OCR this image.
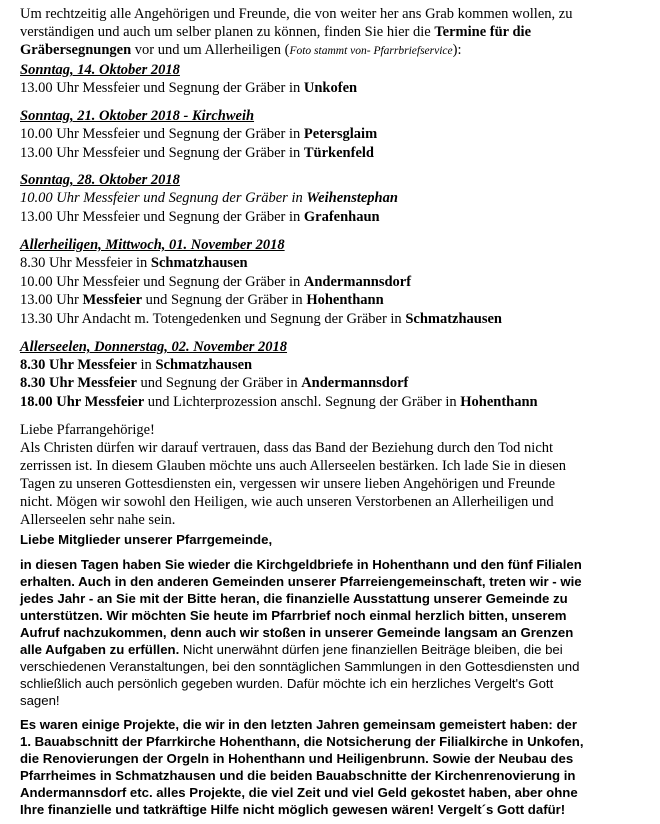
Um rechtzeitig alle Angehörigen und Freunde, die von weiter her ans Grab kommen wollen, zu
verständigen und auch um selber planen zu können, finden Sie hier die Termine für die
Gräbersegnungen vor und um Allerheiligen (Foto stammt von- Pfarrbriefservice):
Sonntag, 14. Oktober 2018
13.00 Uhr Messfeier und Segnung der Gräber in Unkofen
Sonntag, 21. Oktober 2018 - Kirchweih
10.00 Uhr Messfeier und Segnung der Gräber in Petersglaim
13.00 Uhr Messfeier und Segnung der Gräber in Türkenfeld
Sonntag, 28. Oktober 2018
10.00 Uhr Messfeier und Segnung der Gräber in Weihenstephan
13.00 Uhr Messfeier und Segnung der Gräber in Grafenhaun
Allerheiligen, Mittwoch, 01. November 2018
8.30 Uhr Messfeier in Schmatzhausen
10.00 Uhr Messfeier und Segnung der Gräber in Andermannsdorf
13.00 Uhr Messfeier und Segnung der Gräber in Hohenthann
13.30 Uhr Andacht m. Totengedenken und Segnung der Gräber in Schmatzhausen
Allerseelen, Donnerstag, 02. November 2018
8.30 Uhr Messfeier in Schmatzhausen
8.30 Uhr Messfeier und Segnung der Gräber in Andermannsdorf
18.00 Uhr Messfeier und Lichterprozession anschl. Segnung der Gräber in Hohenthann
Liebe Pfarrangehörige!
Als Christen dürfen wir darauf vertrauen, dass das Band der Beziehung durch den Tod nicht
zerrissen ist. In diesem Glauben möchte uns auch Allerseelen bestärken. Ich lade Sie in diesen
Tagen zu unseren Gottesdiensten ein, vergessen wir unsere lieben Angehörigen und Freunde
nicht. Mögen wir sowohl den Heiligen, wie auch unseren Verstorbenen an Allerheiligen und
Allerseelen sehr nahe sein.
Liebe Mitglieder unserer Pfarrgemeinde,
in diesen Tagen haben Sie wieder die Kirchgeldbriefe in Hohenthann und den fünf Filialen
erhalten. Auch in den anderen Gemeinden unserer Pfarreiengemeinschaft, treten wir - wie
jedes Jahr - an Sie mit der Bitte heran, die finanzielle Ausstattung unserer Gemeinde zu
unterstützen. Wir möchten Sie heute im Pfarrbrief noch einmal herzlich bitten, unserem
Aufruf nachzukommen, denn auch wir stoßen in unserer Gemeinde langsam an Grenzen
alle Aufgaben zu erfüllen. Nicht unerwähnt dürfen jene finanziellen Beiträge bleiben, die bei
verschiedenen Veranstaltungen, bei den sonntäglichen Sammlungen in den Gottesdiensten und
schließlich auch persönlich gegeben wurden. Dafür möchte ich ein herzliches Vergelt's Gott
sagen!
Es waren einige Projekte, die wir in den letzten Jahren gemeinsam gemeistert haben: der
1. Bauabschnitt der Pfarrkirche Hohenthann, die Notsicherung der Filialkirche in Unkofen,
die Renovierungen der Orgeln in Hohenthann und Heiligenbrunn. Sowie der Neubau des
Pfarrheimes in Schmatzhausen und die beiden Bauabschnitte der Kirchenrenovierung in
Andermannsdorf etc. alles Projekte, die viel Zeit und viel Geld gekostet haben, aber ohne
Ihre finanzielle und tatkräftige Hilfe nicht möglich gewesen wären! Vergelt´s Gott dafür!
